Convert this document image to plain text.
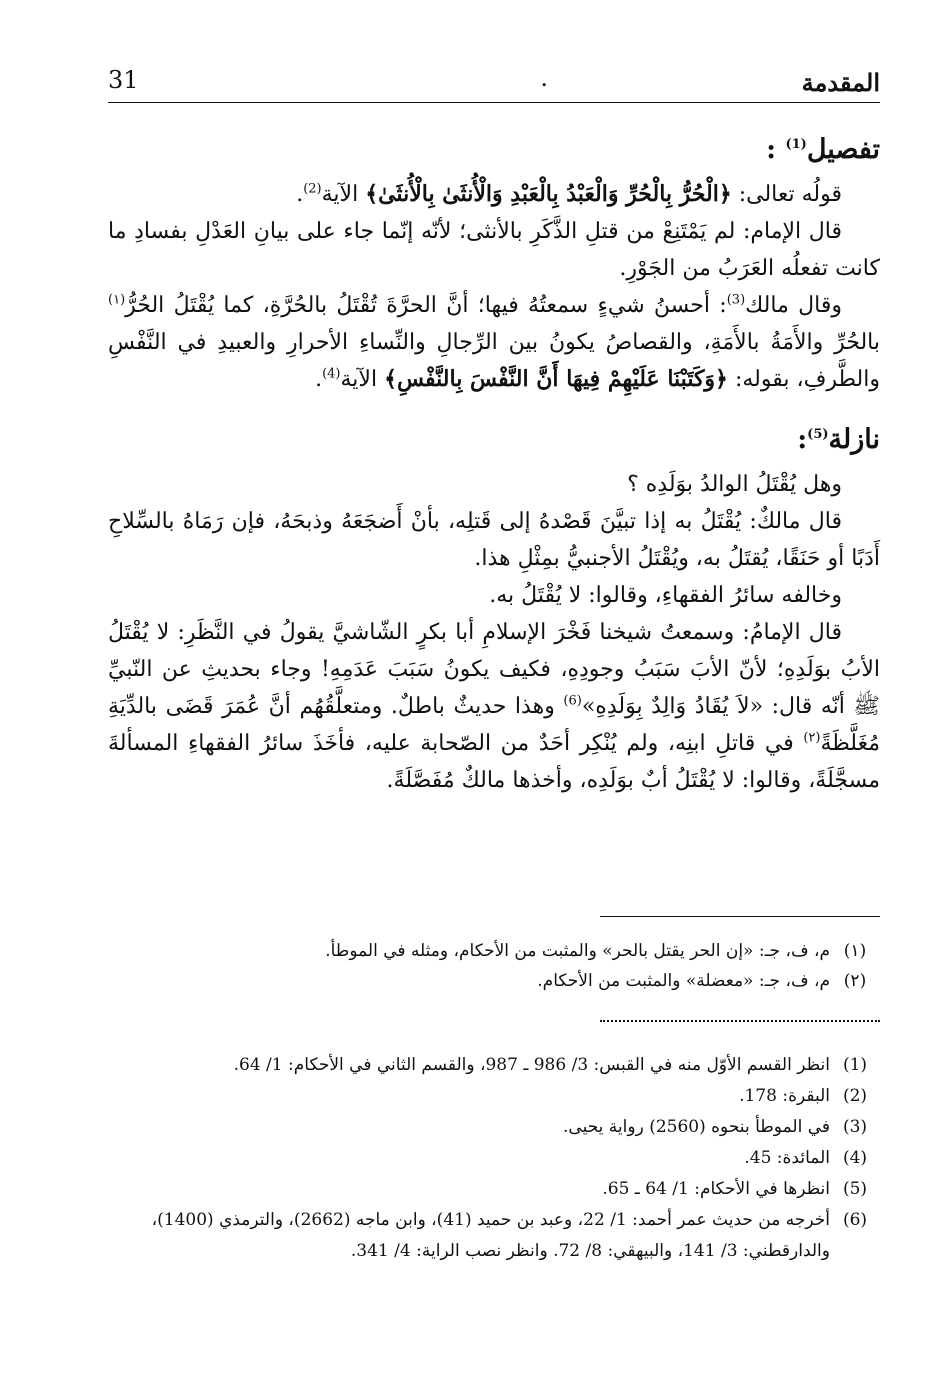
المقدمة
.
31
تفصيل$^{(1)}$ :

قولُه تعالى: ﴿الْحُرُّ بِالْحُرِّ وَالْعَبْدُ بِالْعَبْدِ وَالْأُنثَىٰ بِالْأُنثَىٰ﴾ الآية$^{(2)}$.

قال الإمام: لم يَمْتَنِعْ من قتلِ الذَّكَرِ بالأنثى؛ لأنّه إنّما جاء على بيانِ العَدْلِ بفسادِ ما كانت تفعلُه العَرَبُ من الجَوْرِ.

وقال مالك$^{(3)}$: أحسنُ شيءٍ سمعتُهُ فيها؛ أنَّ الحرَّةَ تُقْتَلُ بالحُرَّةِ، كما يُقْتَلُ الحُرُّ$^{(١)}$ بالحُرِّ والأَمَةُ بالأَمَةِ، والقصاصُ يكونُ بين الرِّجالِ والنِّساءِ الأحرارِ والعبيدِ في النَّفْسِ والطَّرفِ، بقوله: ﴿وَكَتَبْنَا عَلَيْهِمْ فِيهَا أَنَّ النَّفْسَ بِالنَّفْسِ﴾ الآية$^{(4)}$.

نازلة$^{(5)}$:

وهل يُقْتَلُ الوالدُ بوَلَدِه ؟

قال مالكٌ: يُقْتَلُ به إذا تبيَّنَ قَصْدهُ إلى قَتلِه، بأنْ أَضجَعَهُ وذبحَهُ، فإن رَمَاهُ بالسِّلاحِ أَدَبًا أو حَنَقًا، يُقتَلُ به، ويُقْتَلُ الأجنبيُّ بمِثْلِ هذا.

وخالفه سائرُ الفقهاءِ، وقالوا: لا يُقْتَلُ به.

قال الإمامُ: وسمعتُ شيخنا فَخْرَ الإسلامِ أبا بكرٍ الشّاشيَّ يقولُ في النَّظَرِ: لا يُقْتَلُ الأبُ بوَلَدِهِ؛ لأنّ الأبَ سَبَبُ وجودِهِ، فكيف يكونُ سَبَبَ عَدَمِهِ! وجاء بحديثِ عن النّبيِّ ﷺ أنّه قال: «لاَ يُقَادُ وَالِدٌ بِوَلَدِهِ»$^{(6)}$ وهذا حديثٌ باطلٌ. ومتعلَّقُهُم أنَّ عُمَرَ قَضَى بالدِّيَةِ مُغَلَّظَةً$^{(٢)}$ في قاتلِ ابنِه، ولم يُنْكِر أحَدٌ من الصّحابة عليه، فأخَذَ سائرُ الفقهاءِ المسألةَ مسجَّلَةً، وقالوا: لا يُقْتَلُ أبٌ بوَلَدِه، وأخذها مالكٌ مُفَصَّلَةً.

(١)
م، ف، جـ: «إن الحر يقتل بالحر» والمثبت من الأحكام، ومثله في الموطأ.
(٢)
م، ف، جـ: «معضلة» والمثبت من الأحكام.
(1)
انظر القسم الأوّل منه في القبس: 3/ 986 ـ 987، والقسم الثاني في الأحكام: 1/ 64.
(2)
البقرة: 178.
(3)
في الموطأ بنحوه (2560) رواية يحيى.
(4)
المائدة: 45.
(5)
انظرها في الأحكام: 1/ 64 ـ 65.
(6)
أخرجه من حديث عمر أحمد: 1/ 22، وعبد بن حميد (41)، وابن ماجه (2662)، والترمذي (1400)، والدارقطني: 3/ 141، والبيهقي: 8/ 72. وانظر نصب الراية: 4/ 341.
